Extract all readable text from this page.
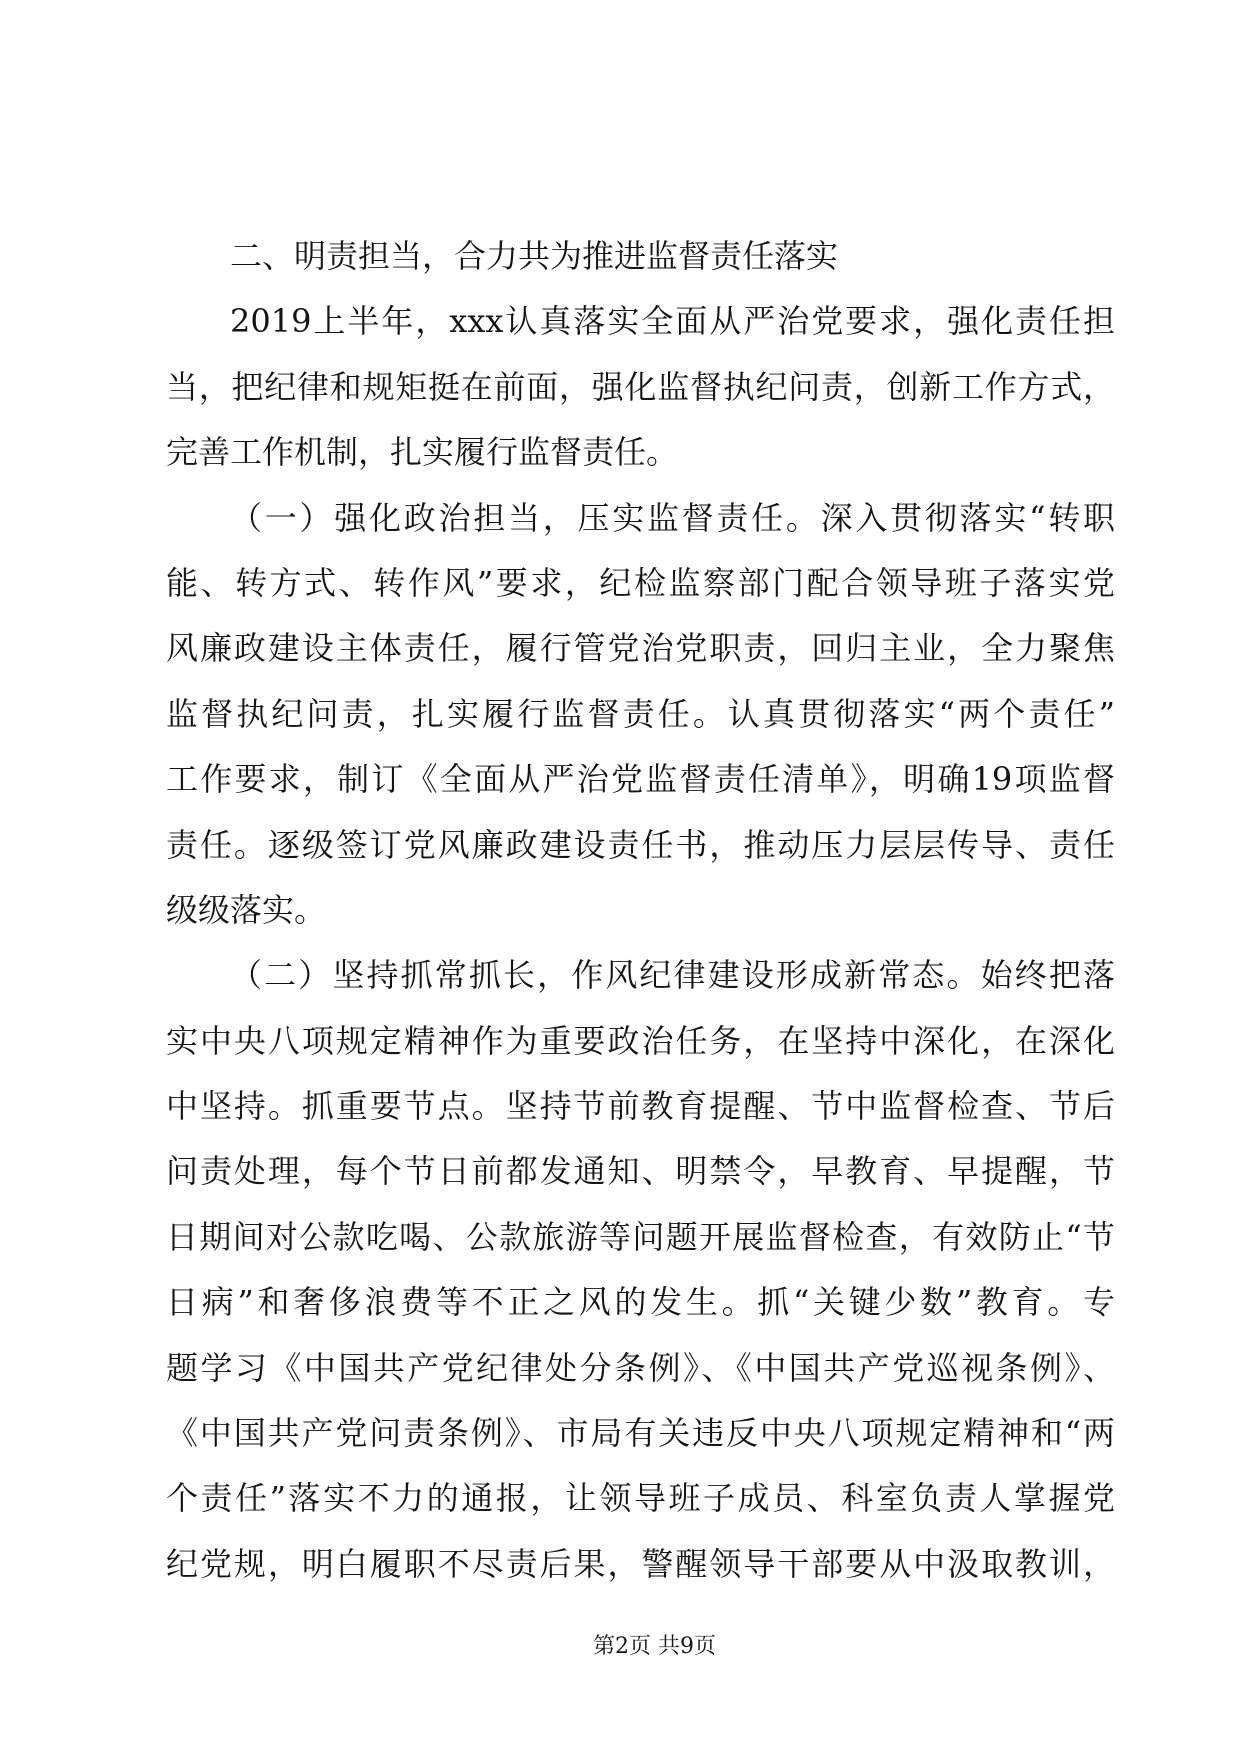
二、明责担当，合力共为推进监督责任落实
2019上半年，xxx认真落实全面从严治党要求，强化责任担
当，把纪律和规矩挺在前面，强化监督执纪问责，创新工作方式，
完善工作机制，扎实履行监督责任。
（一）强化政治担当，压实监督责任。深入贯彻落实“转职
能、转方式、转作风”要求，纪检监察部门配合领导班子落实党
风廉政建设主体责任，履行管党治党职责，回归主业，全力聚焦
监督执纪问责，扎实履行监督责任。认真贯彻落实“两个责任”
工作要求，制订《全面从严治党监督责任清单》，明确19项监督
责任。逐级签订党风廉政建设责任书，推动压力层层传导、责任
级级落实。
（二）坚持抓常抓长，作风纪律建设形成新常态。始终把落
实中央八项规定精神作为重要政治任务，在坚持中深化，在深化
中坚持。抓重要节点。坚持节前教育提醒、节中监督检查、节后
问责处理，每个节日前都发通知、明禁令，早教育、早提醒，节
日期间对公款吃喝、公款旅游等问题开展监督检查，有效防止“节
日病”和奢侈浪费等不正之风的发生。抓“关键少数”教育。专
题学习《中国共产党纪律处分条例》、《中国共产党巡视条例》、
《中国共产党问责条例》、市局有关违反中央八项规定精神和“两
个责任”落实不力的通报，让领导班子成员、科室负责人掌握党
纪党规，明白履职不尽责后果，警醒领导干部要从中汲取教训，
第2页 共9页
